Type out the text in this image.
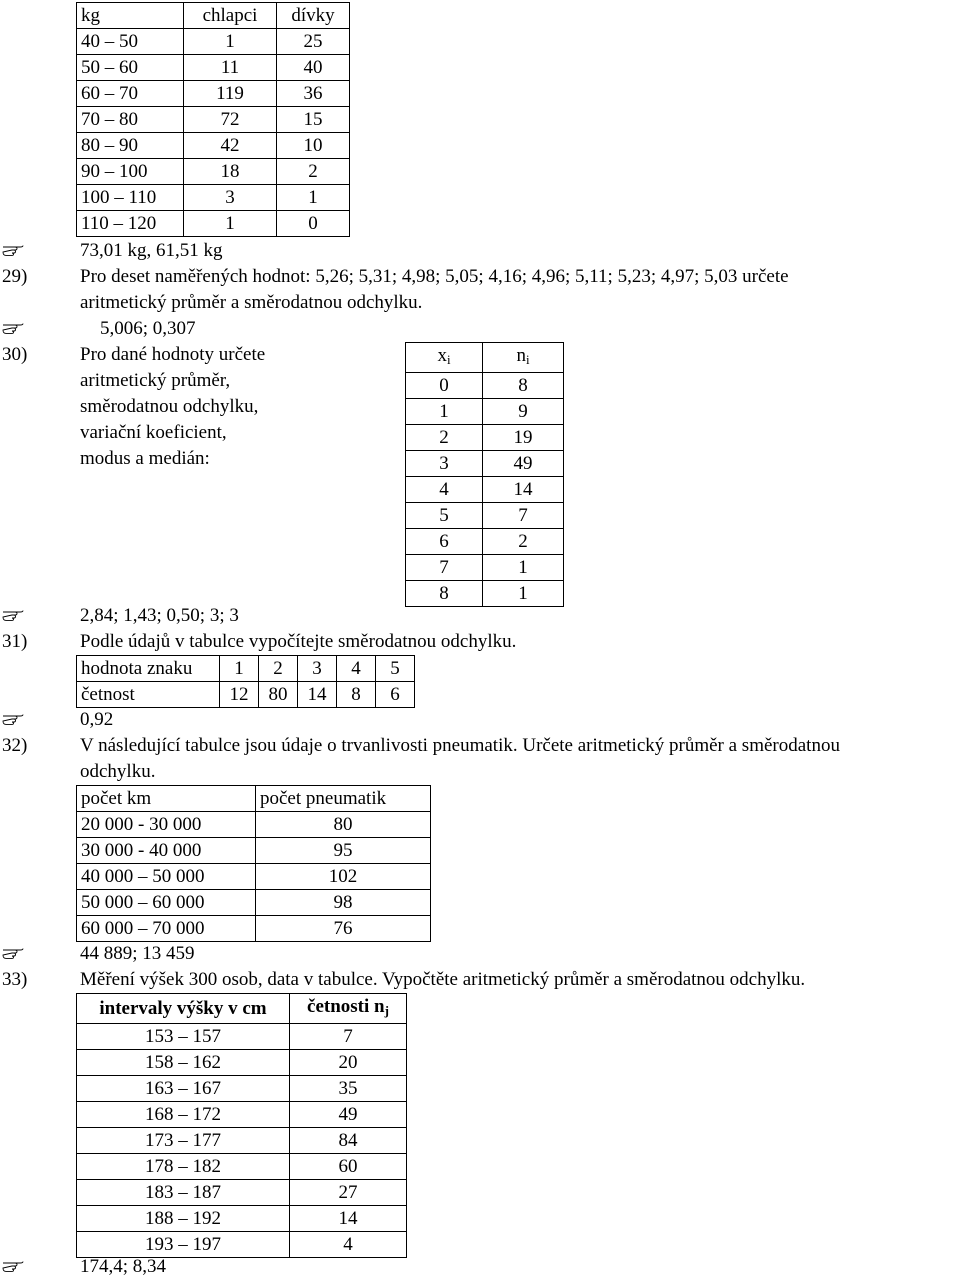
kg	chlapci	dívky
40 – 50	1	25
50 – 60	11	40
60 – 70	119	36
70 – 80	72	15
80 – 90	42	10
90 – 100	18	2
100 – 110	3	1
110 – 120	1	0
73,01 kg, 61,51 kg
29)	Pro deset naměřených hodnot: 5,26; 5,31; 4,98; 5,05; 4,16; 4,96; 5,11; 5,23; 4,97; 5,03 určete
aritmetický průměr a směrodatnou odchylku.
5,006; 0,307
30)	Pro dané hodnoty určete
aritmetický průměr,
směrodatnou odchylku,
variační koeficient,
modus a medián:
$x_i$	$n_i$
0	8
1	9
2	19
3	49
4	14
5	7
6	2
7	1
8	1
2,84; 1,43; 0,50; 3; 3
31)	Podle údajů v tabulce vypočítejte směrodatnou odchylku.
hodnota znaku	1	2	3	4	5
četnost	12	80	14	8	6
0,92
32)	V následující tabulce jsou údaje o trvanlivosti pneumatik. Určete aritmetický průměr a směrodatnou
odchylku.
počet km	počet pneumatik
20 000 - 30 000	80
30 000 - 40 000	95
40 000 – 50 000	102
50 000 – 60 000	98
60 000 – 70 000	76
44 889; 13 459
33)	Měření výšek 300 osob, data v tabulce. Vypočtěte aritmetický průměr a směrodatnou odchylku.
intervaly výšky v cm	četnosti $n_j$
153 – 157	7
158 – 162	20
163 – 167	35
168 – 172	49
173 – 177	84
178 – 182	60
183 – 187	27
188 – 192	14
193 – 197	4
174,4; 8,34
